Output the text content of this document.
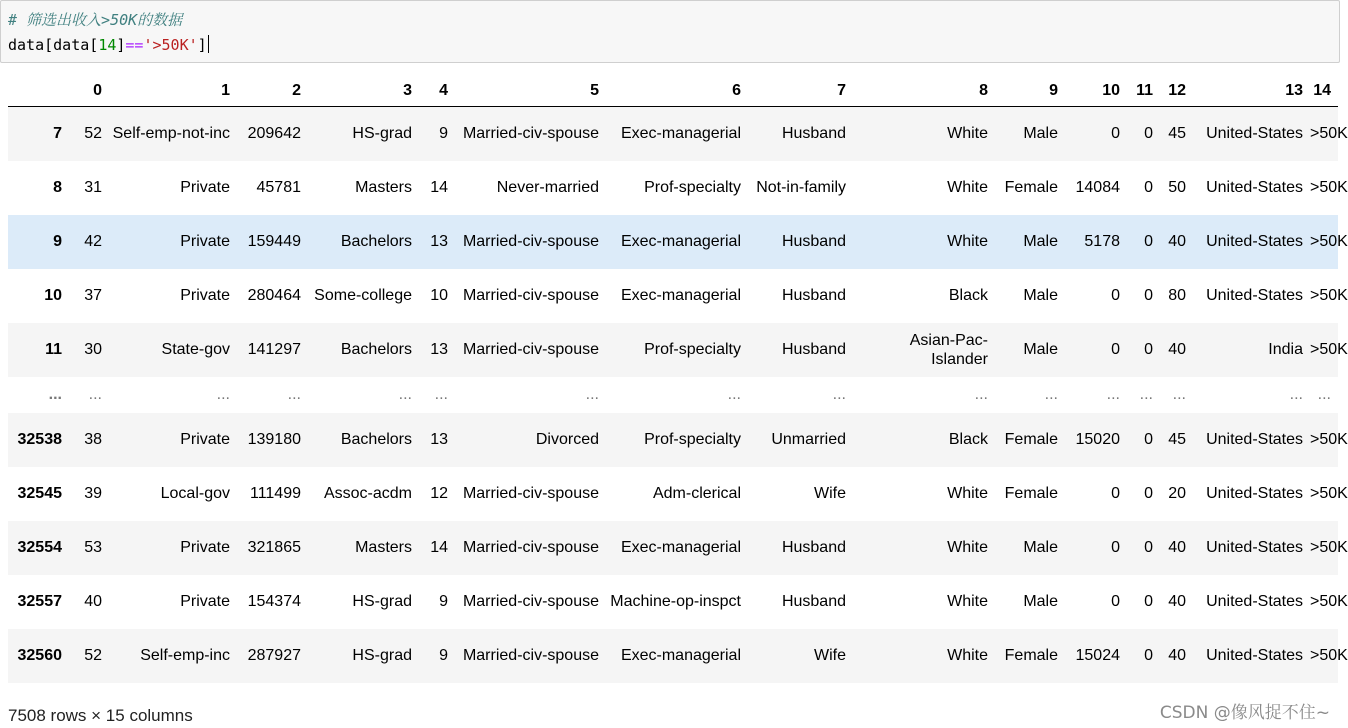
# 筛选出收入>50K的数据
data[data[14]=='>50K']
	0	1	2	3	4	5	6	7	8	9	10	11	12	13	14
7	52	Self-emp-not-inc	209642	HS-grad	9	Married-civ-spouse	Exec-managerial	Husband	White	Male	0	0	45	United-States	>50K
8	31	Private	45781	Masters	14	Never-married	Prof-specialty	Not-in-family	White	Female	14084	0	50	United-States	>50K
9	42	Private	159449	Bachelors	13	Married-civ-spouse	Exec-managerial	Husband	White	Male	5178	0	40	United-States	>50K
10	37	Private	280464	Some-college	10	Married-civ-spouse	Exec-managerial	Husband	Black	Male	0	0	80	United-States	>50K
11	30	State-gov	141297	Bachelors	13	Married-civ-spouse	Prof-specialty	Husband	Asian-Pac-Islander	Male	0	0	40	India	>50K
...	...	...	...	...	...	...	...	...	...	...	...	...	...	...	...
32538	38	Private	139180	Bachelors	13	Divorced	Prof-specialty	Unmarried	Black	Female	15020	0	45	United-States	>50K
32545	39	Local-gov	111499	Assoc-acdm	12	Married-civ-spouse	Adm-clerical	Wife	White	Female	0	0	20	United-States	>50K
32554	53	Private	321865	Masters	14	Married-civ-spouse	Exec-managerial	Husband	White	Male	0	0	40	United-States	>50K
32557	40	Private	154374	HS-grad	9	Married-civ-spouse	Machine-op-inspct	Husband	White	Male	0	0	40	United-States	>50K
32560	52	Self-emp-inc	287927	HS-grad	9	Married-civ-spouse	Exec-managerial	Wife	White	Female	15024	0	40	United-States	>50K
7508 rows × 15 columns	CSDN @像风捉不住~
